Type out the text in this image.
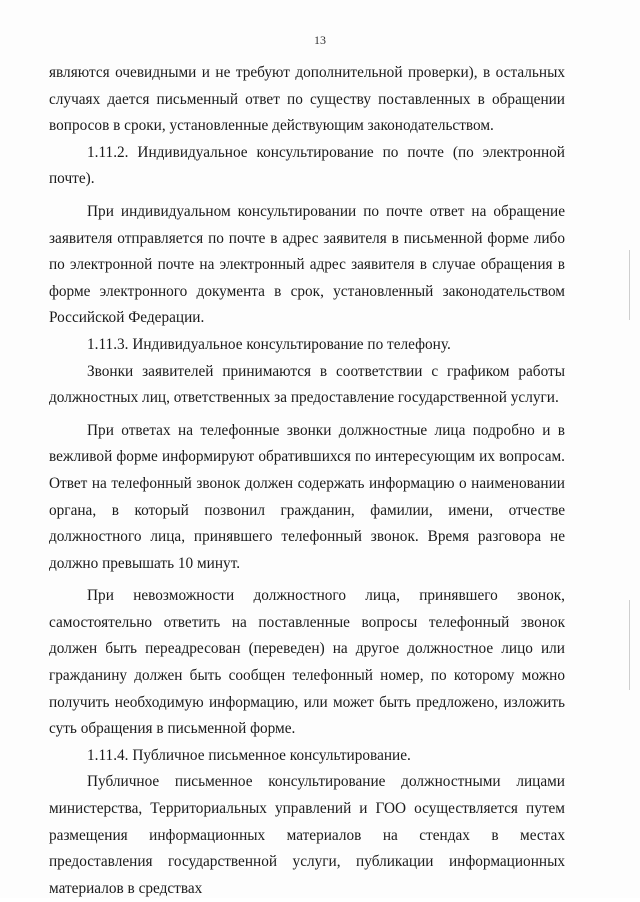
13

являются очевидными и не требуют дополнительной проверки), в остальных случаях дается письменный ответ по существу поставленных в обращении вопросов в сроки, установленные действующим законодательством.

1.11.2. Индивидуальное консультирование по почте (по электронной почте).

При индивидуальном консультировании по почте ответ на обращение заявителя отправляется по почте в адрес заявителя в письменной форме либо по электронной почте на электронный адрес заявителя в случае обращения в форме электронного документа в срок, установленный законодательством Российской Федерации.

1.11.3. Индивидуальное консультирование по телефону.

Звонки заявителей принимаются в соответствии с графиком работы должностных лиц, ответственных за предоставление государственной услуги.

При ответах на телефонные звонки должностные лица подробно и в вежливой форме информируют обратившихся по интересующим их вопросам. Ответ на телефонный звонок должен содержать информацию о наименовании органа, в который позвонил гражданин, фамилии, имени, отчестве должностного лица, принявшего телефонный звонок. Время разговора не должно превышать 10 минут.

При невозможности должностного лица, принявшего звонок, самостоятельно ответить на поставленные вопросы телефонный звонок должен быть переадресован (переведен) на другое должностное лицо или гражданину должен быть сообщен телефонный номер, по которому можно получить необходимую информацию, или может быть предложено, изложить суть обращения в письменной форме.

1.11.4. Публичное письменное консультирование.

Публичное письменное консультирование должностными лицами министерства, Территориальных управлений и ГОО осуществляется путем размещения информационных материалов на стендах в местах предоставления государственной услуги, публикации информационных материалов в средствах
